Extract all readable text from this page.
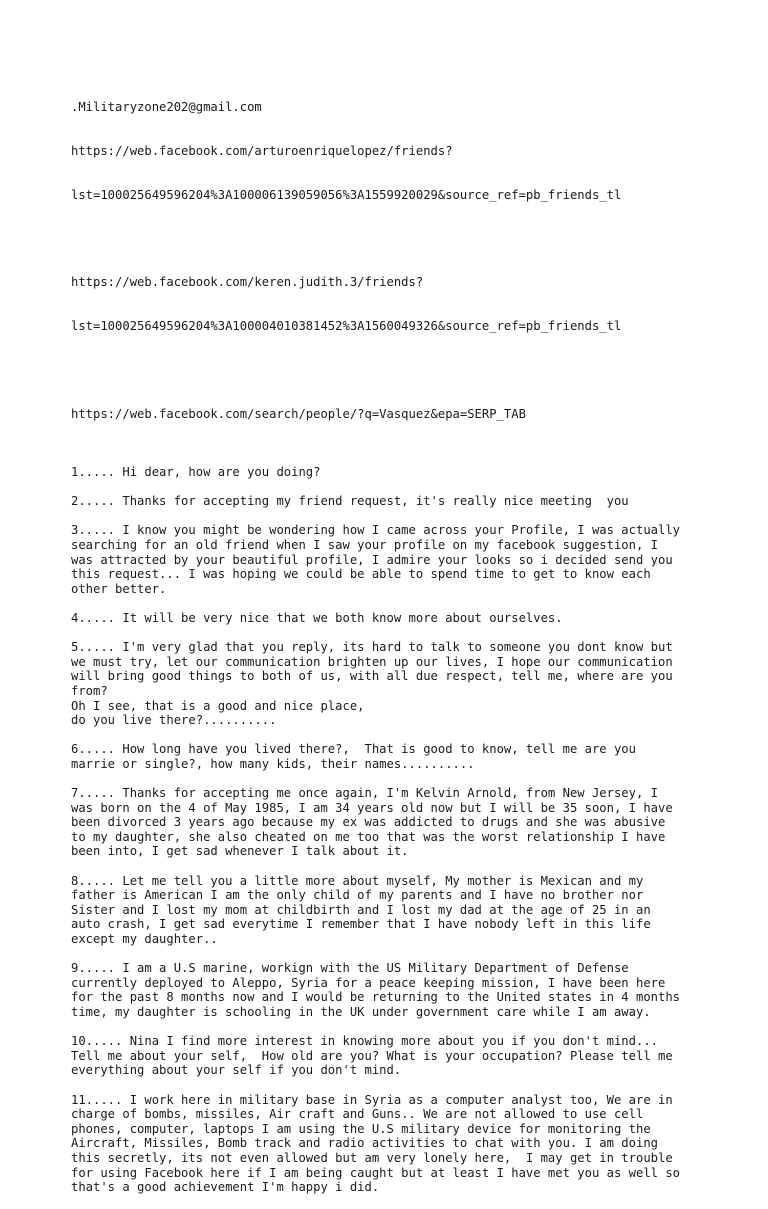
.Militaryzone202@gmail.com

https://web.facebook.com/arturoenriquelopez/friends?

lst=100025649596204%3A100006139059056%3A1559920029&source_ref=pb_friends_tl

https://web.facebook.com/keren.judith.3/friends?

lst=100025649596204%3A100004010381452%3A1560049326&source_ref=pb_friends_tl

https://web.facebook.com/search/people/?q=Vasquez&epa=SERP_TAB

1..... Hi dear, how are you doing?
2..... Thanks for accepting my friend request, it's really nice meeting  you
3..... I know you might be wondering how I came across your Profile, I was actually
searching for an old friend when I saw your profile on my facebook suggestion, I
was attracted by your beautiful profile, I admire your looks so i decided send you
this request... I was hoping we could be able to spend time to get to know each
other better.
4..... It will be very nice that we both know more about ourselves.
5..... I'm very glad that you reply, its hard to talk to someone you dont know but
we must try, let our communication brighten up our lives, I hope our communication
will bring good things to both of us, with all due respect, tell me, where are you
from?
Oh I see, that is a good and nice place,
do you live there?..........
6..... How long have you lived there?,  That is good to know, tell me are you
marrie or single?, how many kids, their names..........
7..... Thanks for accepting me once again, I'm Kelvin Arnold, from New Jersey, I
was born on the 4 of May 1985, I am 34 years old now but I will be 35 soon, I have
been divorced 3 years ago because my ex was addicted to drugs and she was abusive
to my daughter, she also cheated on me too that was the worst relationship I have
been into, I get sad whenever I talk about it.
8..... Let me tell you a little more about myself, My mother is Mexican and my
father is American I am the only child of my parents and I have no brother nor
Sister and I lost my mom at childbirth and I lost my dad at the age of 25 in an
auto crash, I get sad everytime I remember that I have nobody left in this life
except my daughter..
9..... I am a U.S marine, workign with the US Military Department of Defense
currently deployed to Aleppo, Syria for a peace keeping mission, I have been here
for the past 8 months now and I would be returning to the United states in 4 months
time, my daughter is schooling in the UK under government care while I am away.
10..... Nina I find more interest in knowing more about you if you don't mind...
Tell me about your self,  How old are you? What is your occupation? Please tell me
everything about your self if you don't mind.
11..... I work here in military base in Syria as a computer analyst too, We are in
charge of bombs, missiles, Air craft and Guns.. We are not allowed to use cell
phones, computer, laptops I am using the U.S military device for monitoring the
Aircraft, Missiles, Bomb track and radio activities to chat with you. I am doing
this secretly, its not even allowed but am very lonely here,  I may get in trouble
for using Facebook here if I am being caught but at least I have met you as well so
that's a good achievement I'm happy i did.
